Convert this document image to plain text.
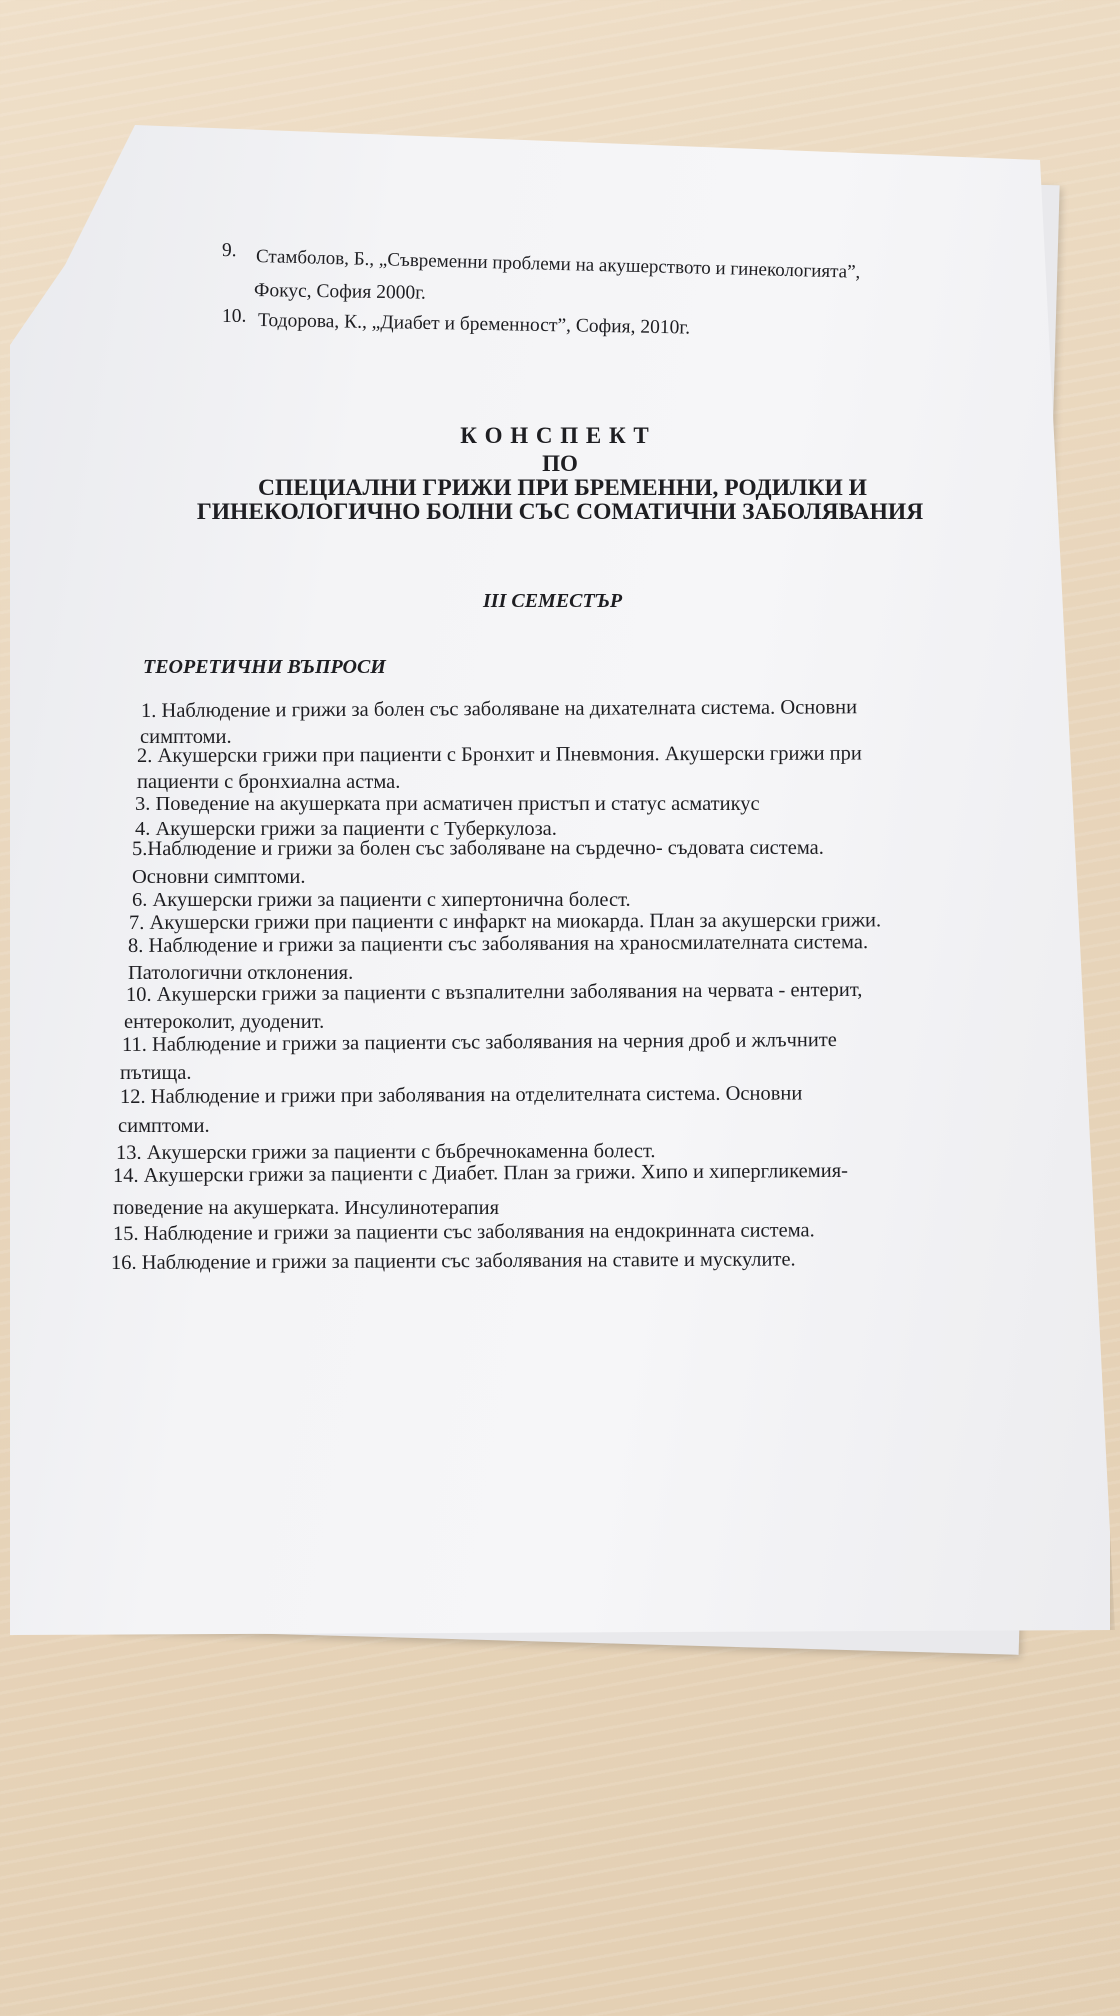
9. Стамболов, Б., „Съвременни проблеми на акушерството и гинекологията”,
Фокус, София 2000г.
10. Тодорова, К., „Диабет и бременност”, София, 2010г.
К О Н С П Е К Т
ПО
СПЕЦИАЛНИ ГРИЖИ ПРИ БРЕМЕННИ, РОДИЛКИ И
ГИНЕКОЛОГИЧНО БОЛНИ СЪС СОМАТИЧНИ ЗАБОЛЯВАНИЯ
III СЕМЕСТЪР
ТЕОРЕТИЧНИ ВЪПРОСИ
1. Наблюдение и грижи за болен със заболяване на дихателната система. Основни
симптоми.
2. Акушерски грижи при пациенти с Бронхит и Пневмония. Акушерски грижи при
пациенти с бронхиална астма.
3. Поведение на акушерката при асматичен пристъп и статус асматикус
4. Акушерски грижи за пациенти с Туберкулоза.
5.Наблюдение и грижи за болен със заболяване на сърдечно- съдовата система.
Основни симптоми.
6. Акушерски грижи за пациенти с хипертонична болест.
7. Акушерски грижи при пациенти с инфаркт на миокарда. План за акушерски грижи.
8. Наблюдение и грижи за пациенти със заболявания на храносмилателната система.
Патологични отклонения.
10. Акушерски грижи за пациенти с възпалителни заболявания на червата - ентерит,
ентероколит, дуоденит.
11. Наблюдение и грижи за пациенти със заболявания на черния дроб и жлъчните
пътища.
12. Наблюдение и грижи при заболявания на отделителната система. Основни
симптоми.
13. Акушерски грижи за пациенти с бъбречнокаменна болест.
14. Акушерски грижи за пациенти с Диабет. План за грижи. Хипо и хипергликемия-
поведение на акушерката. Инсулинотерапия
15. Наблюдение и грижи за пациенти със заболявания на ендокринната система.
16. Наблюдение и грижи за пациенти със заболявания на ставите и мускулите.
